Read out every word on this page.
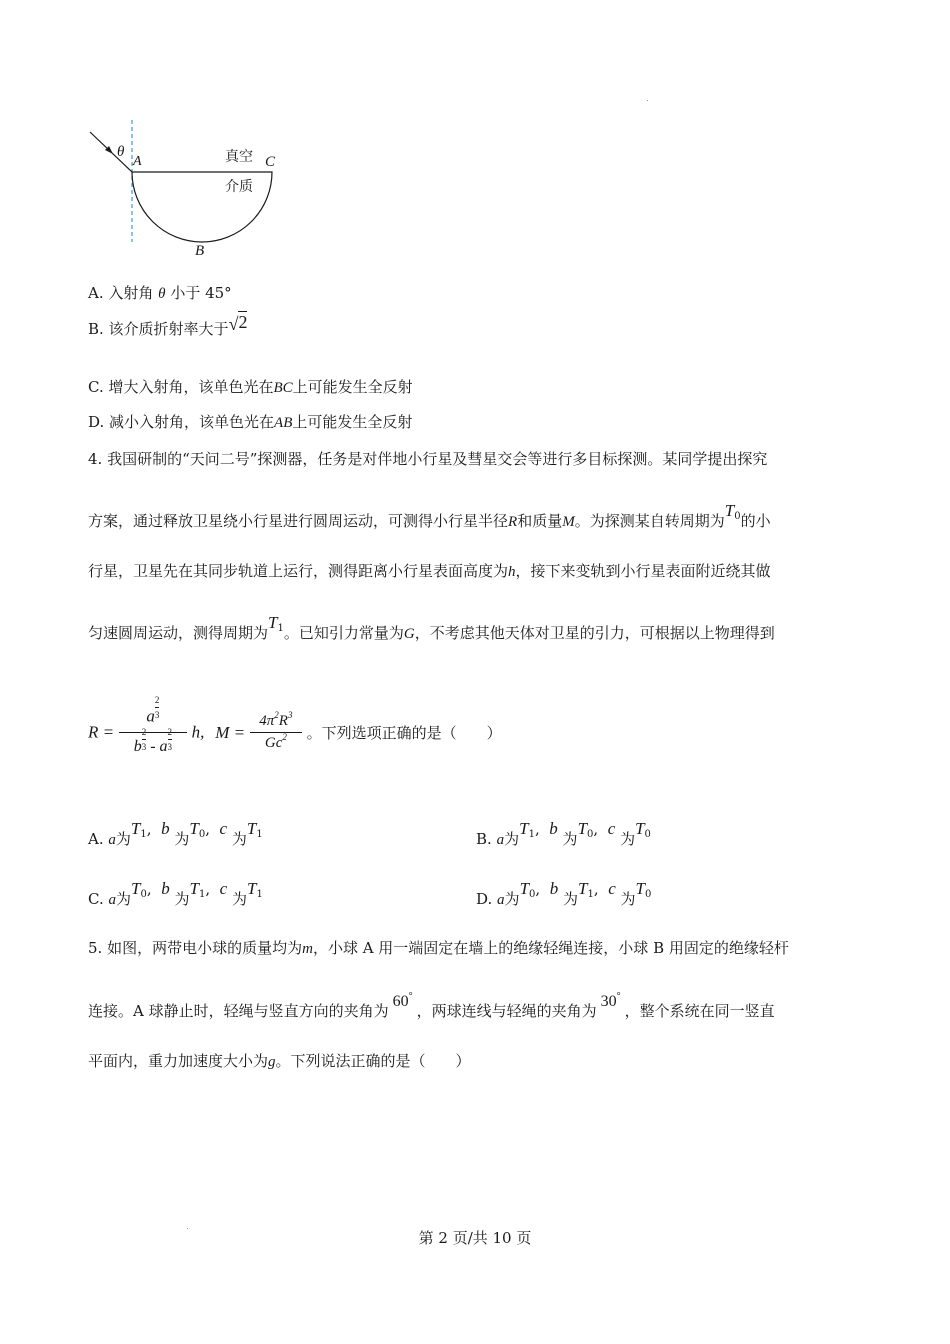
θ
A	C
B
真空
介质
A. 入射角 θ 小于 45°
B. 该介质折射率大于√2
C. 增大入射角，该单色光在BC上可能发生全反射
D. 减小入射角，该单色光在AB上可能发生全反射
4. 我国研制的“天问二号”探测器，任务是对伴地小行星及彗星交会等进行多目标探测。某同学提出探究
方案，通过释放卫星绕小行星进行圆周运动，可测得小行星半径R和质量M。为探测某自转周期为$T_0$的小
行星，卫星先在其同步轨道上运行，测得距离小行星表面高度为h，接下来变轨到小行星表面附近绕其做
匀速圆周运动，测得周期为$T_1$。已知引力常量为G，不考虑其他天体对卫星的引力，可根据以上物理得到
$R = \frac{a \frac{2}{3}}{b \frac{2}{3} - a \frac{2}{3}} h$, $M = \frac{4\pi^2R^3}{Gc^2}$ 。下列选项正确的是（　　）
A. a为$T_1$, b 为$T_0$, c 为$T_1$	B. a为$T_1$, b 为$T_0$, c 为$T_0$
C. a为$T_0$, b 为$T_1$, c 为$T_1$	D. a为$T_0$, b 为$T_1$, c 为$T_0$
5. 如图，两带电小球的质量均为m，小球 A 用一端固定在墙上的绝缘轻绳连接，小球 B 用固定的绝缘轻杆
连接。A 球静止时，轻绳与竖直方向的夹角为60°，两球连线与轻绳的夹角为30°，整个系统在同一竖直
平面内，重力加速度大小为g。下列说法正确的是（　　）
第 2 页/共 10 页
